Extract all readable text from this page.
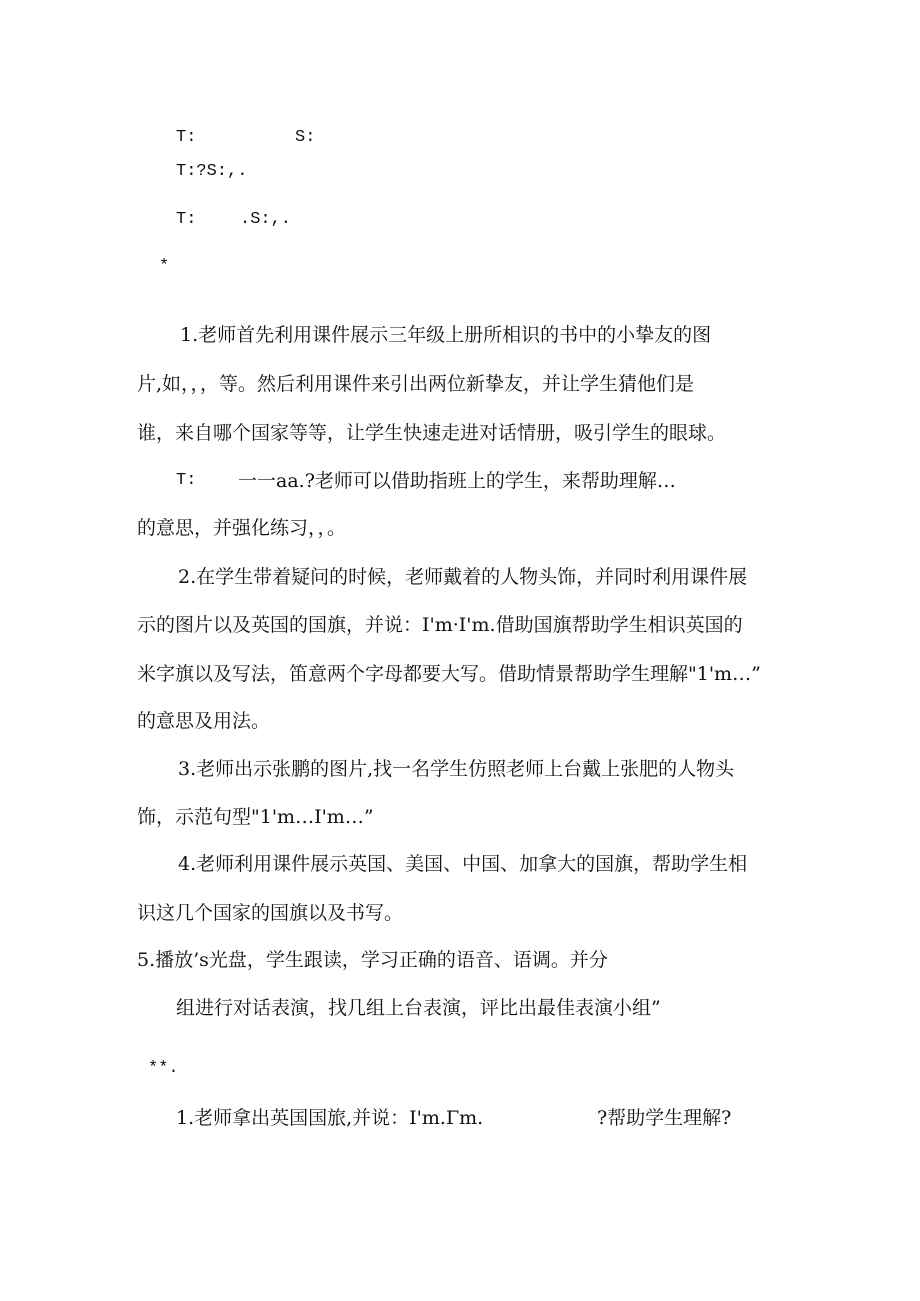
T:	S:
T:?S:,.
T:	.S:,.
*
1.老师首先利用课件展示三年级上册所相识的书中的小挚友的图
片,如，，，等。然后利用课件来引出两位新挚友，并让学生猜他们是
谁，来自哪个国家等等，让学生快速走进对话情册，吸引学生的眼球。
T: 一一aa.?老师可以借助指班上的学生，来帮助理解…
的意思，并强化练习，，。
2.在学生带着疑问的时候，老师戴着的人物头饰，并同时利用课件展
示的图片以及英国的国旗，并说：I'm·I'm.借助国旗帮助学生相识英国的
米字旗以及写法，笛意两个字母都要大写。借助情景帮助学生理解"1'm…”
的意思及用法。
3.老师出示张鹏的图片,找一名学生仿照老师上台戴上张肥的人物头
饰，示范句型"1'm…I'm…”
4.老师利用课件展示英国、美国、中国、加拿大的国旗，帮助学生相
识这几个国家的国旗以及书写。
5.播放’s光盘，学生跟读，学习正确的语音、语调。并分
组进行对话表演，找几组上台表演，评比出最佳表演小组”
**.
1.老师拿出英国国旅,并说：I'm.Γm.	?帮助学生理解?
